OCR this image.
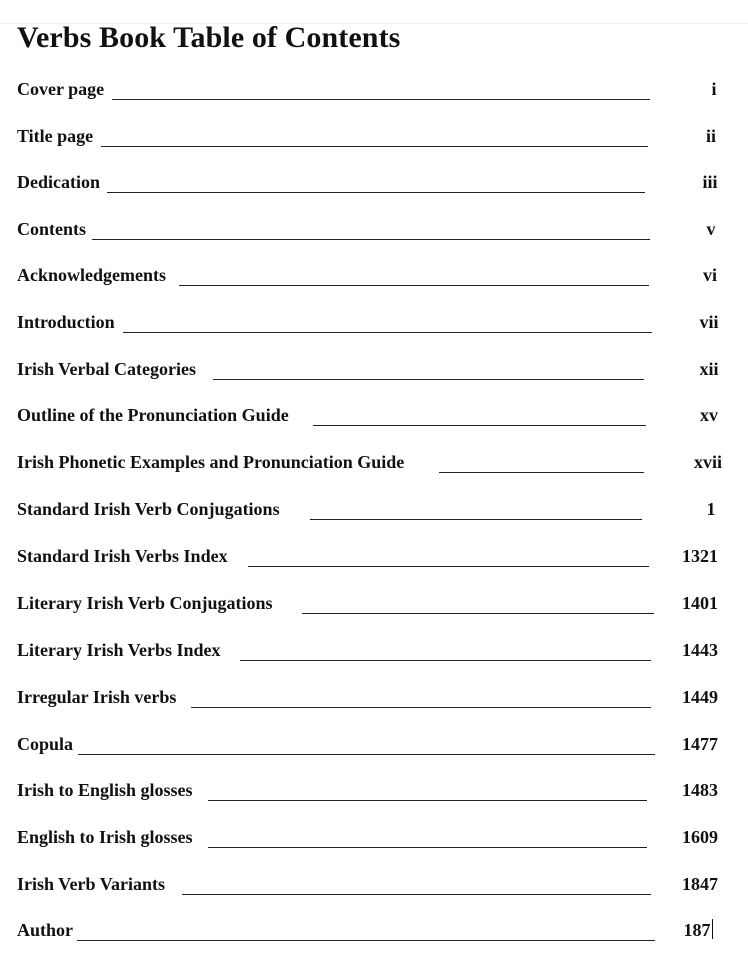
Verbs Book Table of Contents
Cover page	i
Title page	ii
Dedication	iii
Contents	v
Acknowledgements	vi
Introduction	vii
Irish Verbal Categories	xii
Outline of the Pronunciation Guide	xv
Irish Phonetic Examples and Pronunciation Guide	xvii
Standard Irish Verb Conjugations	1
Standard Irish Verbs Index	1321
Literary Irish Verb Conjugations	1401
Literary Irish Verbs Index	1443
Irregular Irish verbs	1449
Copula	1477
Irish to English glosses	1483
English to Irish glosses	1609
Irish Verb Variants	1847
Author	187
